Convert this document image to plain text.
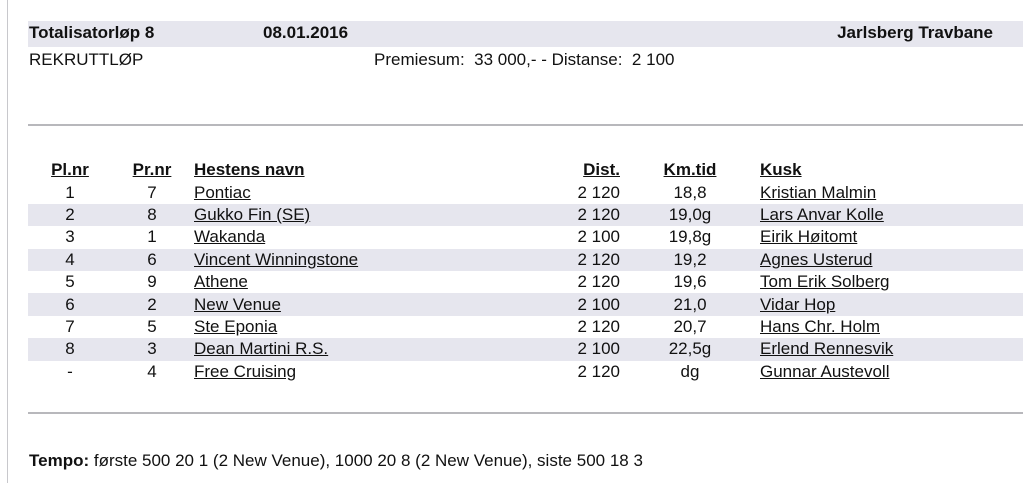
Totalisatorløp 8	08.01.2016	Jarlsberg Travbane
REKRUTTLØP	Premiesum:  33 000,- - Distanse:  2 100
Pl.nr	Pr.nr	Hestens navn	Dist.	Km.tid	Kusk
1	7	Pontiac	2 120	18,8	Kristian Malmin
2	8	Gukko Fin (SE)	2 120	19,0g	Lars Anvar Kolle
3	1	Wakanda	2 100	19,8g	Eirik Høitomt
4	6	Vincent Winningstone	2 120	19,2	Agnes Usterud
5	9	Athene	2 120	19,6	Tom Erik Solberg
6	2	New Venue	2 100	21,0	Vidar Hop
7	5	Ste Eponia	2 120	20,7	Hans Chr. Holm
8	3	Dean Martini R.S.	2 100	22,5g	Erlend Rennesvik
-	4	Free Cruising	2 120	dg	Gunnar Austevoll
Tempo: første 500 20 1 (2 New Venue), 1000 20 8 (2 New Venue), siste 500 18 3
